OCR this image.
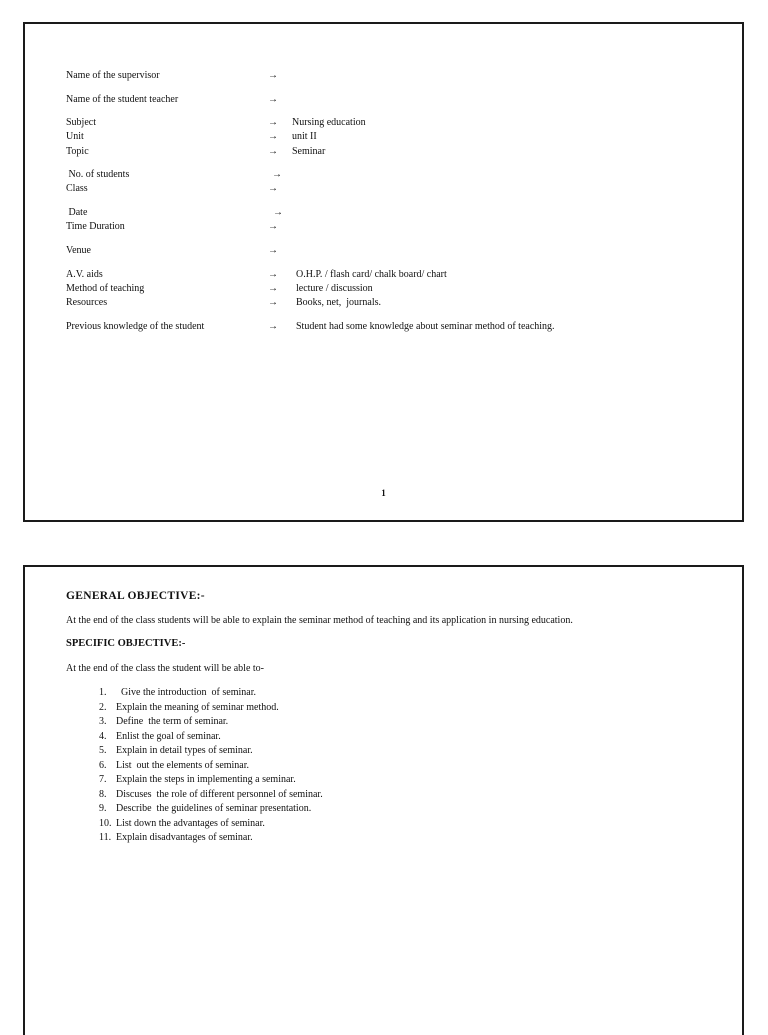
Name of the supervisor	→
Name of the student teacher	→
Subject	→ Nursing education
Unit	→ unit II
Topic	→ Seminar
No. of students	→
Class	→
Date	→
Time Duration	→
Venue	→
A.V. aids	→ O.H.P. / flash card/ chalk board/ chart
Method of teaching	→ lecture / discussion
Resources	→ Books, net,  journals.
Previous knowledge of the student	→ Student had some knowledge about seminar method of teaching.
1
GENERAL OBJECTIVE:-
At the end of the class students will be able to explain the seminar method of teaching and its application in nursing education.
SPECIFIC OBJECTIVE:-
At the end of the class the student will be able to-
1.  Give the introduction  of seminar.
2. Explain the meaning of seminar method.
3. Define  the term of seminar.
4. Enlist the goal of seminar.
5. Explain in detail types of seminar.
6. List  out the elements of seminar.
7. Explain the steps in implementing a seminar.
8. Discuses  the role of different personnel of seminar.
9. Describe  the guidelines of seminar presentation.
10. List down the advantages of seminar.
11. Explain disadvantages of seminar.
